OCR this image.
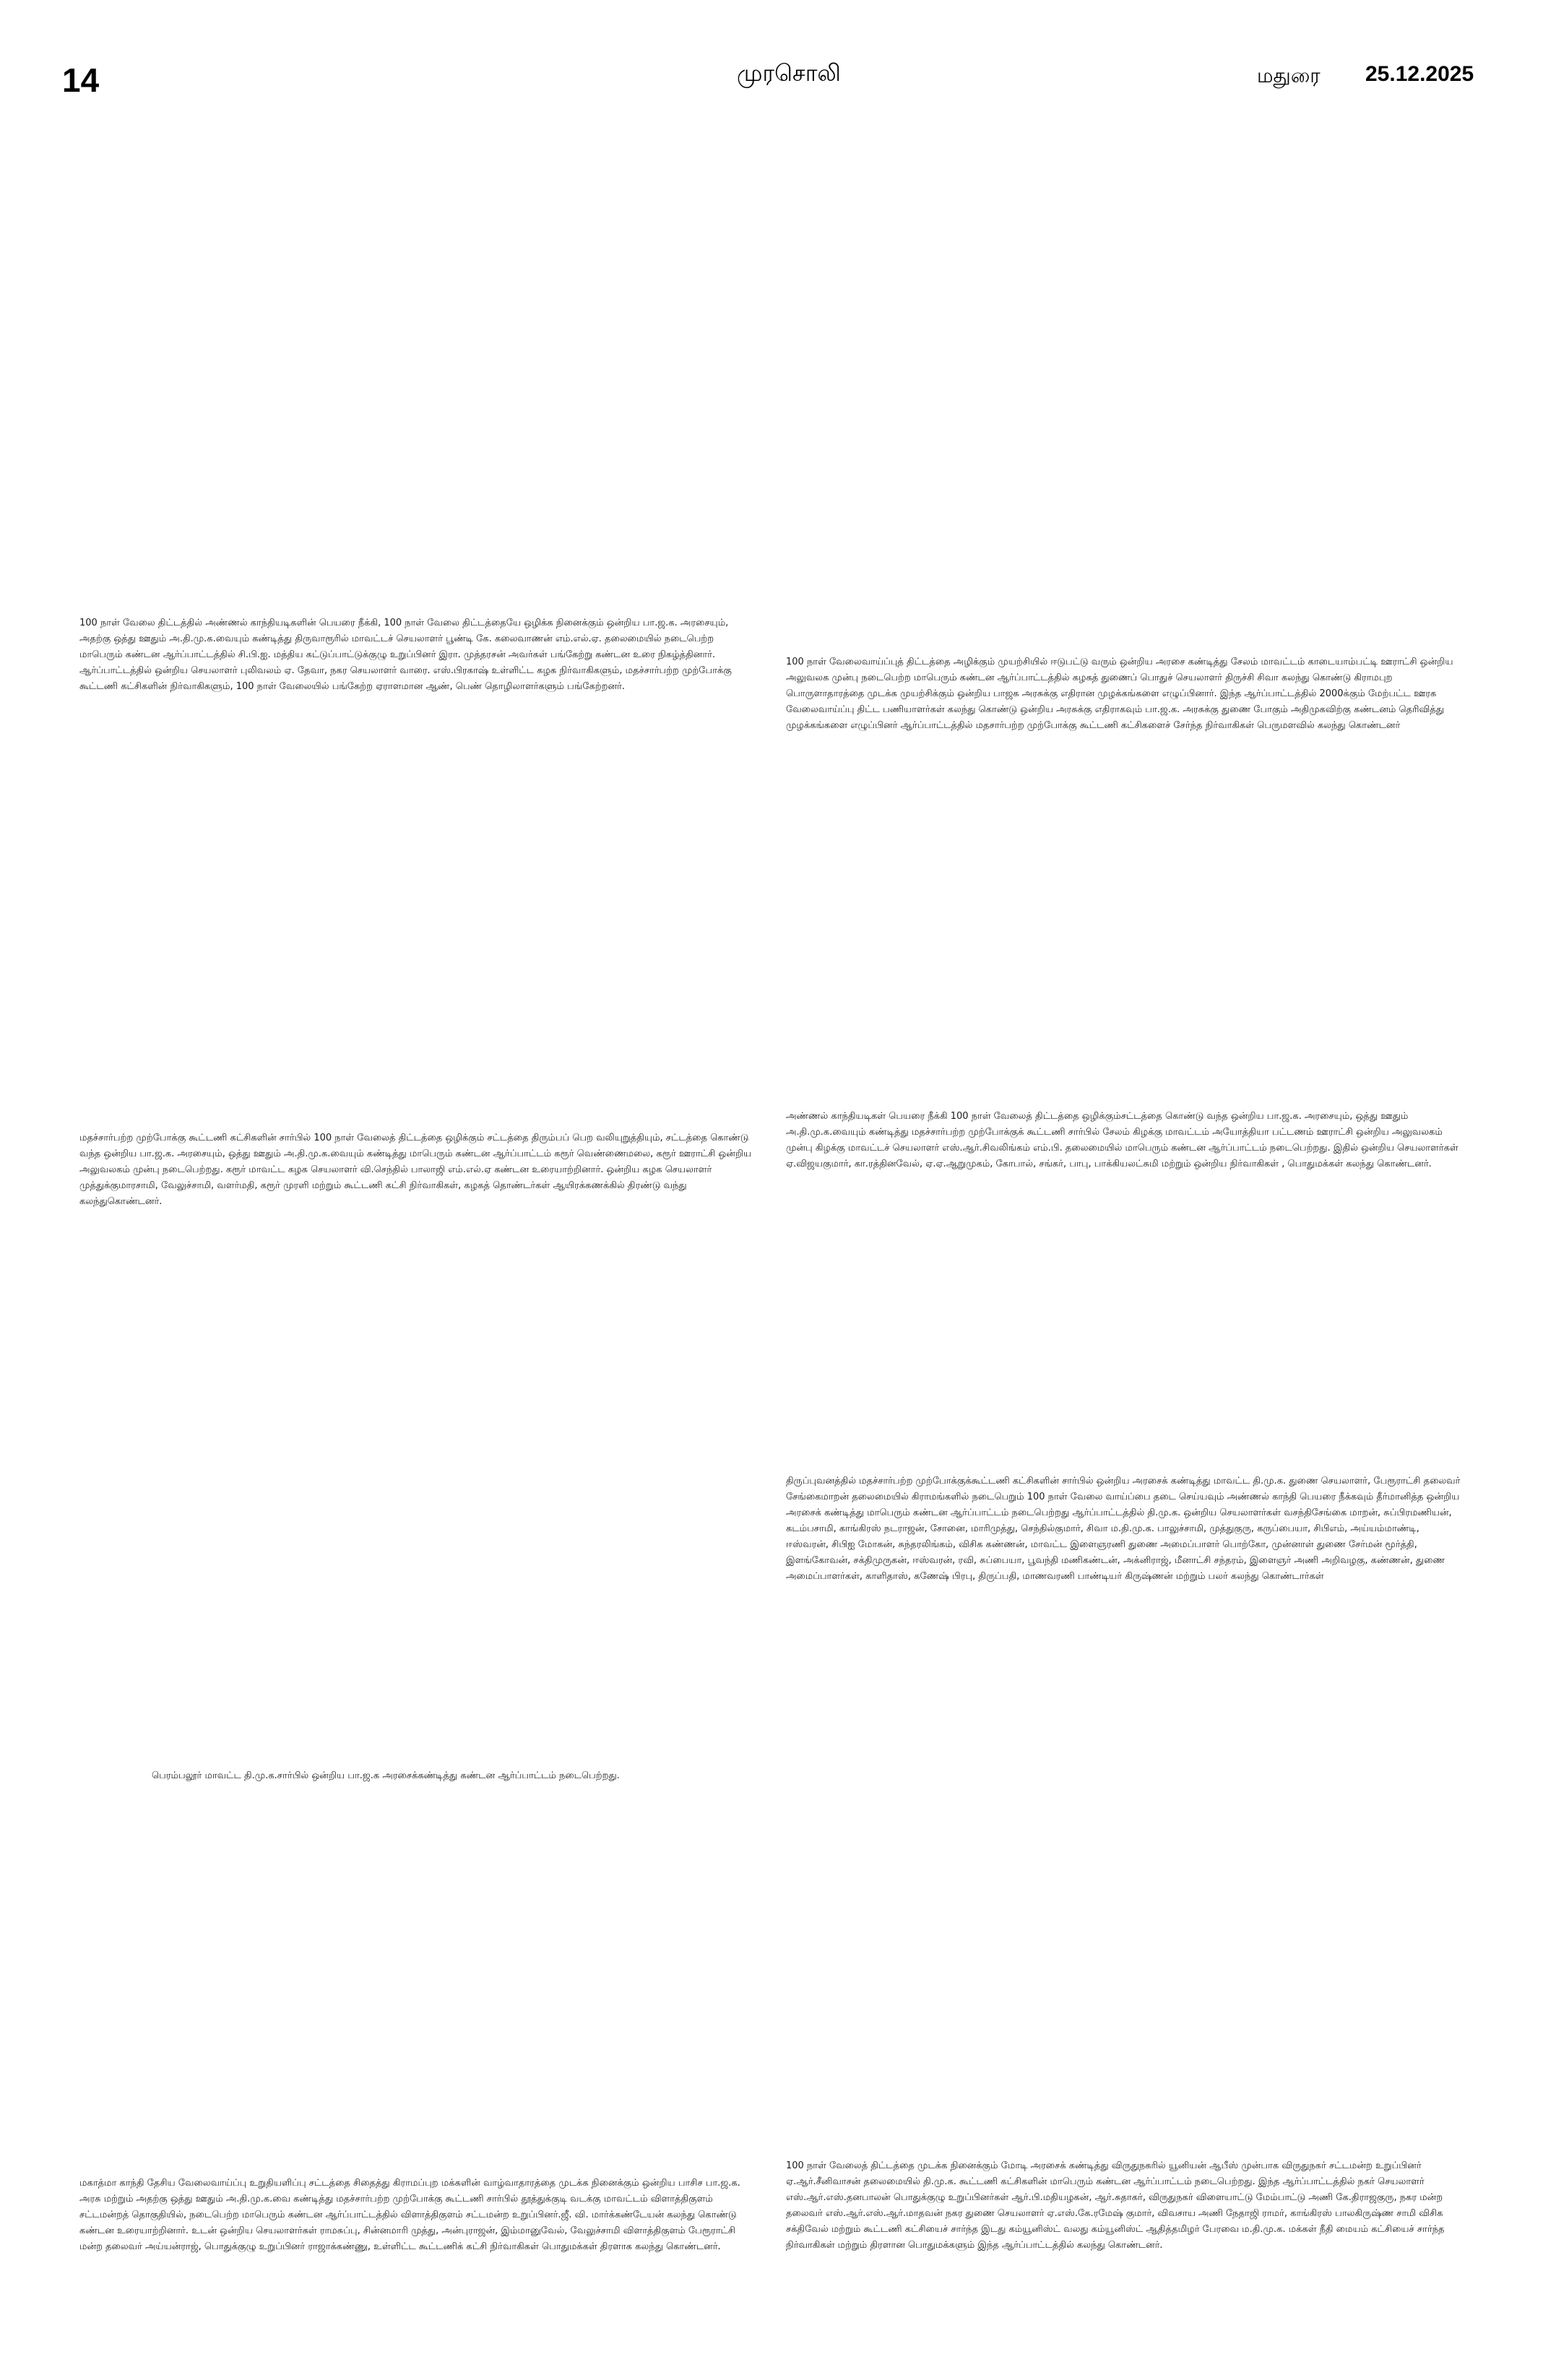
14	முரசொலி	மதுரை 25.12.2025
100 நாள் வேலை திட்டத்தில் அண்ணல் காந்தியடிகளின் பெயரை நீக்கி, 100 நாள் வேலை திட்டத்தையே ஒழிக்க நினைக்கும் ஒன்றிய பா.ஜ.க. அரசையும், அதற்கு ஒத்து ஊதும் அ.தி.மு.க.வையும் கண்டித்து திருவாரூரில் மாவட்டச் செயலாளர் பூண்டி கே. கலைவாணன் எம்.எல்.ஏ. தலைமையில் நடைபெற்ற மாபெரும் கண்டன ஆர்ப்பாட்டத்தில் சி.பி.ஐ. மத்திய கட்டுப்பாட்டுக்குழு உறுப்பினர் இரா. முத்தரசன் அவர்கள் பங்கேற்று கண்டன உரை நிகழ்த்தினார். ஆர்ப்பாட்டத்தில் ஒன்றிய செயலாளர் புலிவலம் ஏ. தேவா, நகர செயலாளர் வாரை. எஸ்.பிரகாஷ் உள்ளிட்ட கழக நிர்வாகிகளும், மதச்சார்பற்ற முற்போக்கு கூட்டணி கட்சிகளின் நிர்வாகிகளும், 100 நாள் வேலையில் பங்கேற்ற ஏராளமான ஆண், பெண் தொழிலாளர்களும் பங்கேற்றனர்.
100 நாள் வேலைவாய்ப்புத் திட்டத்தை அழிக்கும் முயற்சியில் ஈடுபட்டு வரும் ஒன்றிய அரசை கண்டித்து சேலம் மாவட்டம் காடையாம்பட்டி ஊராட்சி ஒன்றிய அலுவலக முன்பு நடைபெற்ற மாபெரும் கண்டன ஆர்ப்பாட்டத்தில் கழகத் துணைப் பொதுச் செயலாளர் திருச்சி சிவா கலந்து கொண்டு கிராமபுற பொருளாதாரத்தை முடக்க முயற்சிக்கும் ஒன்றிய பாஜக அரசுக்கு எதிரான முழக்கங்களை எழுப்பினார். இந்த ஆர்ப்பாட்டத்தில் 2000க்கும் மேற்பட்ட ஊரக வேலைவாய்ப்பு திட்ட பணியாளர்கள் கலந்து கொண்டு ஒன்றிய அரசுக்கு எதிராகவும் பா.ஜ.க. அரசுக்கு துணை போகும் அதிமுகவிற்கு கண்டனம் தெரிவித்து முழக்கங்களை எழுப்பினர் ஆர்ப்பாட்டத்தில் மதசார்பற்ற முற்போக்கு கூட்டணி கட்சிகளைச் சேர்ந்த நிர்வாகிகள் பெருமளவில் கலந்து கொண்டனர்
மதச்சார்பற்ற முற்போக்கு கூட்டணி கட்சிகளின் சார்பில் 100 நாள் வேலைத் திட்டத்தை ஒழிக்கும் சட்டத்தை திரும்பப் பெற வலியுறுத்தியும், சட்டத்தை கொண்டு வந்த ஒன்றிய பா.ஜ.க. அரசையும், ஒத்து ஊதும் அ.தி.மு.க.வையும் கண்டித்து மாபெரும் கண்டன ஆர்ப்பாட்டம் கரூர் வெண்ணைமலை, கரூர் ஊராட்சி ஒன்றிய அலுவலகம் முன்பு நடைபெற்றது. கரூர் மாவட்ட கழக செயலாளர் வி.செந்தில் பாலாஜி எம்.எல்.ஏ கண்டன உரையாற்றினார். ஒன்றிய கழக செயலாளர் முத்துக்குமாரசாமி, வேலுச்சாமி, வளர்மதி, கரூர் முரளி மற்றும் கூட்டணி கட்சி நிர்வாகிகள், கழகத் தொண்டர்கள் ஆயிரக்கணக்கில் திரண்டு வந்து கலந்துகொண்டனர்.
அண்ணல் காந்தியடிகள் பெயரை நீக்கி 100 நாள் வேலைத் திட்டத்தை ஒழிக்கும்சட்டத்தை கொண்டு வந்த ஒன்றிய பா.ஜ.க. அரசையும், ஒத்து ஊதும் அ.தி.மு.க.வையும் கண்டித்து மதச்சார்பற்ற முற்போக்குக் கூட்டணி சார்பில் சேலம் கிழக்கு மாவட்டம் அயோத்தியா பட்டணம் ஊராட்சி ஒன்றிய அலுவலகம் முன்பு கிழக்கு மாவட்டச் செயலாளர் எஸ்.ஆர்.சிவலிங்கம் எம்.பி. தலைமையில் மாபெரும் கண்டன ஆர்ப்பாட்டம் நடைபெற்றது. இதில் ஒன்றிய செயலாளர்கள் ஏ.விஜயகுமார், கா.ரத்தினவேல், ஏ.ஏ.ஆறுமுகம், கோபால், சங்கர், பாபு, பாக்கியலட்சுமி மற்றும் ஒன்றிய நிர்வாகிகள் , பொதுமக்கள் கலந்து கொண்டனர்.
திருப்புவனத்தில் மதச்சார்பற்ற முற்போக்குக்கூட்டணி கட்சிகளின் சார்பில் ஒன்றிய அரசைக் கண்டித்து மாவட்ட தி.மு.க. துணை செயலாளர், பேரூராட்சி தலைவர் சேங்கைமாறன் தலைமையில் கிராமங்களில் நடைபெறும் 100 நாள் வேலை வாய்ப்பை தடை செய்யவும் அண்ணல் காந்தி பெயரை நீக்கவும் தீர்மானித்த ஒன்றிய அரசைக் கண்டித்து மாபெரும் கண்டன ஆர்ப்பாட்டம் நடைபெற்றது ஆர்ப்பாட்டத்தில் தி.மு.க. ஒன்றிய செயலாளர்கள் வசந்திசேங்கை மாறன், சுப்பிரமணியன், கடம்பசாமி, காங்கிரஸ் நடராஜன், சோனை, மாரிமுத்து, செந்தில்குமார், சிவா ம.தி.மு.க. பாலுச்சாமி, முத்துகுரு, கருப்பையா, சிபிஎம், அய்யம்மாண்டி, ஈஸ்வரன், சிபிஐ மோகன், சுந்தரலிங்கம், விசிக கண்ணன், மாவட்ட இளைஞரணி துணை அமைப்பாளர் பொற்கோ, முன்னாள் துணை சேர்மன் மூர்த்தி, இளங்கோவன், சக்திமுருகன், ஈஸ்வரன், ரவி, சுப்பையா, பூவந்தி மணிகண்டன், அக்னிராஜ், மீனாட்சி சந்தரம், இளைஞர் அணி அறிவழகு, கண்ணன், துணை அமைப்பாளர்கள், காளிதாஸ், கணேஷ் பிரபு, திருப்பதி, மாணவரணி பாண்டியர் கிருஷ்ணன் மற்றும் பலர் கலந்து கொண்டார்கள்
பெரம்பலூர் மாவட்ட தி.மு.க.சார்பில் ஒன்றிய பா.ஜ.க அரசைக்கண்டித்து கண்டன ஆர்ப்பாட்டம் நடைபெற்றது.
மகாத்மா காந்தி தேசிய வேலைவாய்ப்பு உறுதியளிப்பு சட்டத்தை சிதைத்து கிராமப்புற மக்களின் வாழ்வாதாரத்தை முடக்க நினைக்கும் ஒன்றிய பாசிச பா.ஜ.க. அரசு மற்றும் அதற்கு ஒத்து ஊதும் அ.தி.மு.க.வை கண்டித்து மதச்சார்பற்ற முற்போக்கு கூட்டணி சார்பில் தூத்துக்குடி வடக்கு மாவட்டம் விளாத்திகுளம் சட்டமன்றத் தொகுதியில், நடைபெற்ற மாபெரும் கண்டன ஆர்ப்பாட்டத்தில் விளாத்திகுளம் சட்டமன்ற உறுப்பினர்.ஜீ. வி. மார்க்கண்டேயன் கலந்து கொண்டு கண்டன உரையாற்றினார். உடன் ஒன்றிய செயலாளர்கள் ராமசுப்பு, சின்னமாரி முத்து, அன்புராஜன், இம்மானுவேல், வேலுச்சாமி விளாத்திகுளம் பேரூராட்சி மன்ற தலைவர் அய்யன்ராஜ், பொதுக்குழு உறுப்பினர் ராஜாக்கண்ணு, உள்ளிட்ட கூட்டணிக் கட்சி நிர்வாகிகள் பொதுமக்கள் திரளாக கலந்து கொண்டனர்.
100 நாள் வேலைத் திட்டத்தை முடக்க நினைக்கும் மோடி அரசைக் கண்டித்து விருதுநகரில் யூனியன் ஆபீஸ் முன்பாக விருதுநகர் சட்டமன்ற உறுப்பினர் ஏ.ஆர்.சீனிவாசன் தலைமையில் தி.மு.க. கூட்டணி கட்சிகளின் மாபெரும் கண்டன ஆர்ப்பாட்டம் நடைபெற்றது. இந்த ஆர்ப்பாட்டத்தில் நகர் செயலாளர் எஸ்.ஆர்.எஸ்.தனபாலன் பொதுக்குழு உறுப்பினர்கள் ஆர்.பி.மதியழகன், ஆர்.சுதாகர், விருதுநகர் விளையாட்டு மேம்பாட்டு அணி கே.திராஜகுரு, நகர மன்ற தலைவர் எஸ்.ஆர்.எஸ்.ஆர்.மாதவன் நகர துணை செயலாளர் ஏ.எஸ்.கே.ரமேஷ் குமார், விவசாய அணி நேதாஜி ராமர், காங்கிரஸ் பாலகிருஷ்ண சாமி விசிக சக்திவேல் மற்றும் கூட்டணி கட்சியைச் சார்ந்த இடது கம்யூனிஸ்ட் வலது கம்யூனிஸ்ட் ஆதித்தமிழர் பேரவை ம.தி.மு.க. மக்கள் நீதி மையம் கட்சியைச் சார்ந்த நிர்வாகிகள் மற்றும் திரளான பொதுமக்களும் இந்த ஆர்ப்பாட்டத்தில் கலந்து கொண்டனர்.
